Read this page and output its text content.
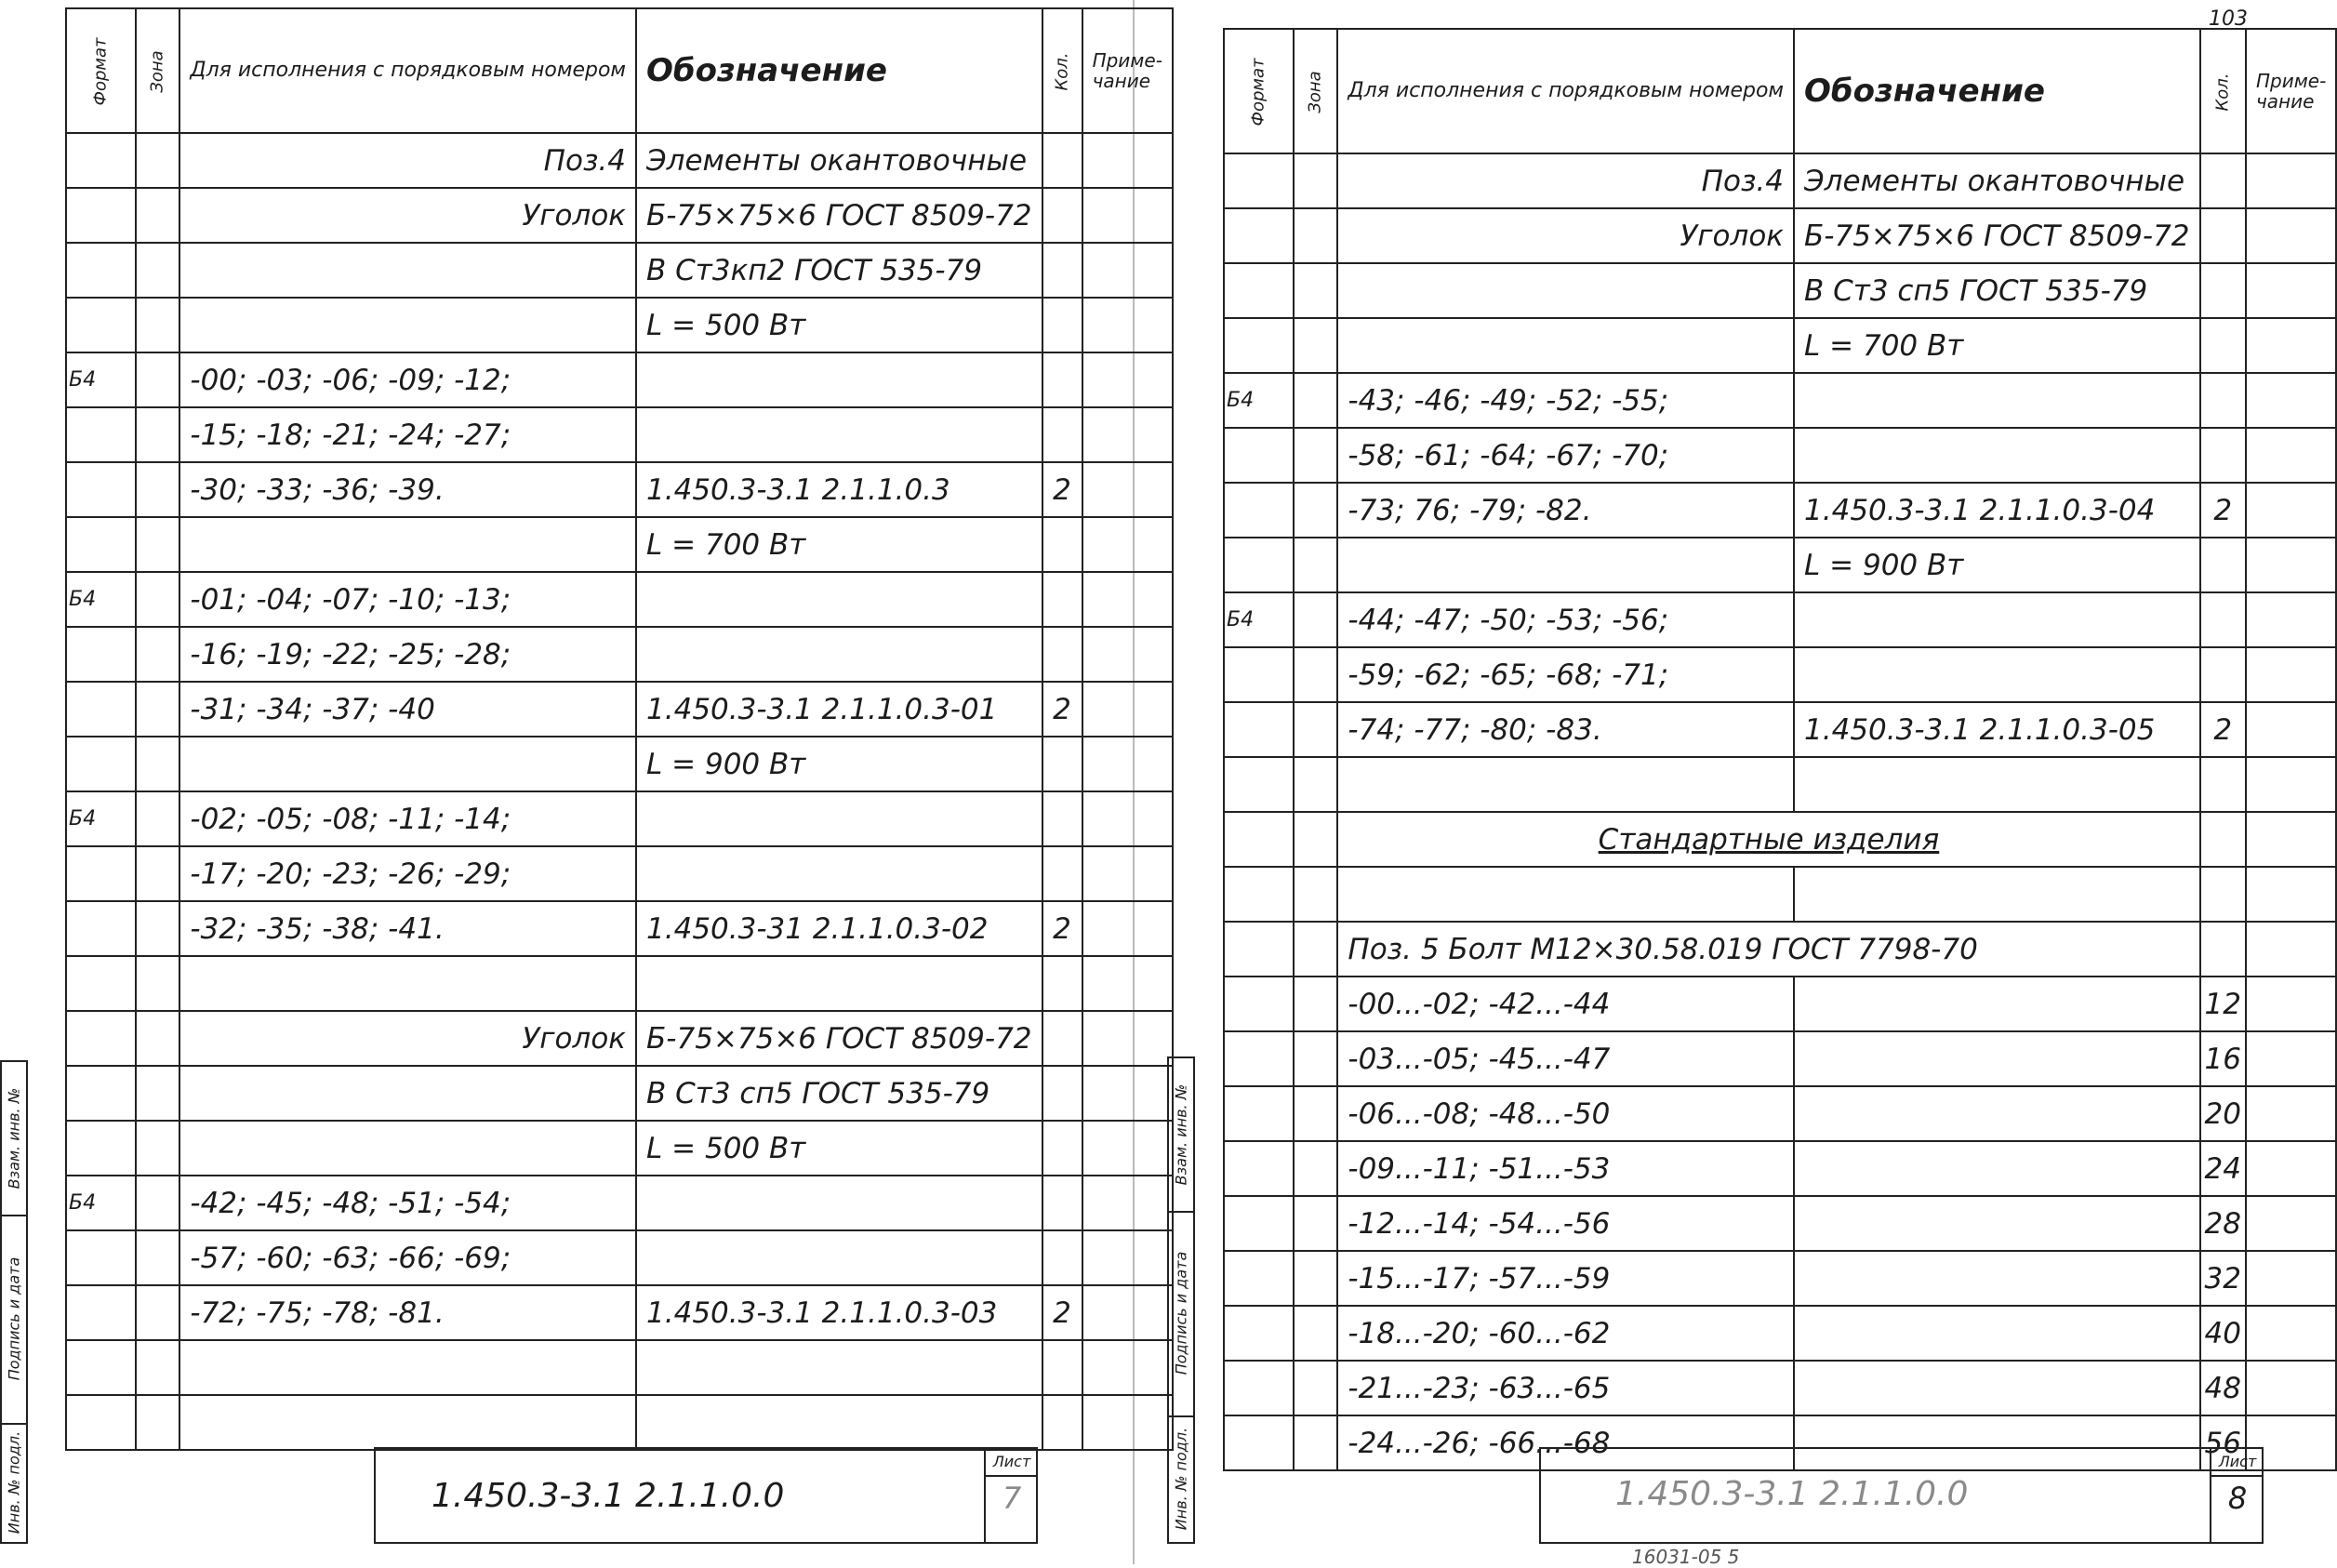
Формат	Зона	Для исполнения с порядковым номером	Обозначение	Кол.	Приме- чание
		Поз.4	Элементы окантовочные		
		Уголок	Б-75×75×6 ГОСТ 8509-72		
			В Ст3кп2 ГОСТ 535-79		
			L = 500 Вт		
Б4		-00; -03; -06; -09; -12;			
		-15; -18; -21; -24; -27;			
		-30; -33; -36; -39.	1.450.3-3.1 2.1.1.0.3	2	
			L = 700 Вт		
Б4		-01; -04; -07; -10; -13;			
		-16; -19; -22; -25; -28;			
		-31; -34; -37; -40	1.450.3-3.1 2.1.1.0.3-01	2	
			L = 900 Вт		
Б4		-02; -05; -08; -11; -14;			
		-17; -20; -23; -26; -29;			
		-32; -35; -38; -41.	1.450.3-31 2.1.1.0.3-02	2	

		Уголок	Б-75×75×6 ГОСТ 8509-72		
			В Ст3 сп5 ГОСТ 535-79		
			L = 500 Вт		
Б4		-42; -45; -48; -51; -54;			
		-57; -60; -63; -66; -69;			
		-72; -75; -78; -81.	1.450.3-3.1 2.1.1.0.3-03	2	

Взам. инв. №
Подпись и дата
Инв. № подл.	1.450.3-3.1 2.1.1.0.0
Лист
7
103
Формат	Зона	Для исполнения с порядковым номером	Обозначение	Кол.	Приме- чание
		Поз.4	Элементы окантовочные		
		Уголок	Б-75×75×6 ГОСТ 8509-72		
			В Ст3 сп5 ГОСТ 535-79		
			L = 700 Вт		
Б4		-43; -46; -49; -52; -55;			
		-58; -61; -64; -67; -70;			
		-73; 76; -79; -82.	1.450.3-3.1 2.1.1.0.3-04	2	
			L = 900 Вт		
Б4		-44; -47; -50; -53; -56;			
		-59; -62; -65; -68; -71;			
		-74; -77; -80; -83.	1.450.3-3.1 2.1.1.0.3-05	2	

		Стандартные изделия			

		Поз. 5 Болт М12×30.58.019 ГОСТ 7798-70			
		-00...-02; -42...-44		12	
		-03...-05; -45...-47		16	
		-06...-08; -48...-50		20	
		-09...-11; -51...-53		24	
		-12...-14; -54...-56		28	
		-15...-17; -57...-59		32	
		-18...-20; -60...-62		40	
		-21...-23; -63...-65		48	
		-24...-26; -66...-68		56	
Взам. инв. №
Подпись и дата
Инв. № подл.	1.450.3-3.1 2.1.1.0.0
Лист
8
16031-05 5
